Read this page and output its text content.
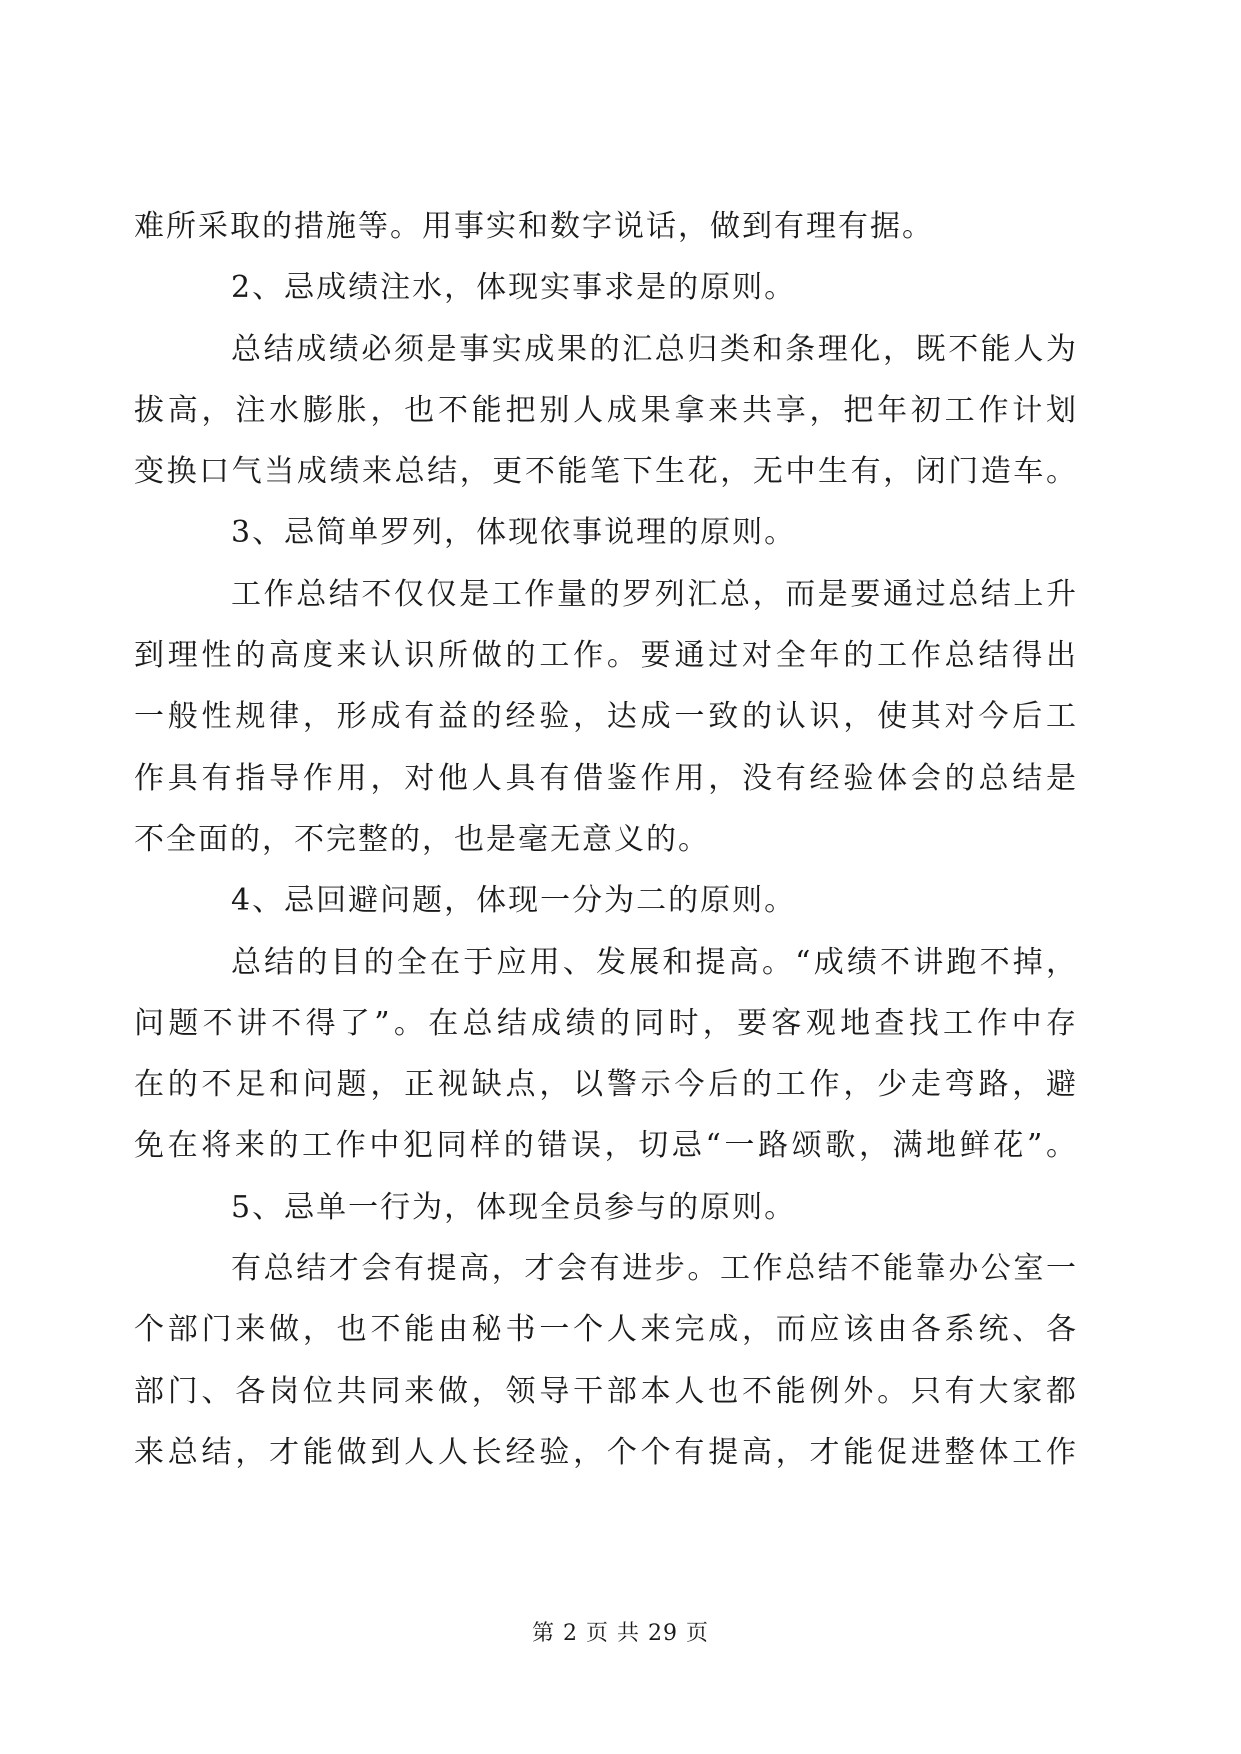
难所采取的措施等。用事实和数字说话，做到有理有据。
2、忌成绩注水，体现实事求是的原则。
总结成绩必须是事实成果的汇总归类和条理化，既不能人为
拔高，注水膨胀，也不能把别人成果拿来共享，把年初工作计划
变换口气当成绩来总结，更不能笔下生花，无中生有，闭门造车。
3、忌简单罗列，体现依事说理的原则。
工作总结不仅仅是工作量的罗列汇总，而是要通过总结上升
到理性的高度来认识所做的工作。要通过对全年的工作总结得出
一般性规律，形成有益的经验，达成一致的认识，使其对今后工
作具有指导作用，对他人具有借鉴作用，没有经验体会的总结是
不全面的，不完整的，也是毫无意义的。
4、忌回避问题，体现一分为二的原则。
总结的目的全在于应用、发展和提高。“成绩不讲跑不掉，
问题不讲不得了”。在总结成绩的同时，要客观地查找工作中存
在的不足和问题，正视缺点，以警示今后的工作，少走弯路，避
免在将来的工作中犯同样的错误，切忌“一路颂歌，满地鲜花”。
5、忌单一行为，体现全员参与的原则。
有总结才会有提高，才会有进步。工作总结不能靠办公室一
个部门来做，也不能由秘书一个人来完成，而应该由各系统、各
部门、各岗位共同来做，领导干部本人也不能例外。只有大家都
来总结，才能做到人人长经验，个个有提高，才能促进整体工作
第 2 页 共 29 页
